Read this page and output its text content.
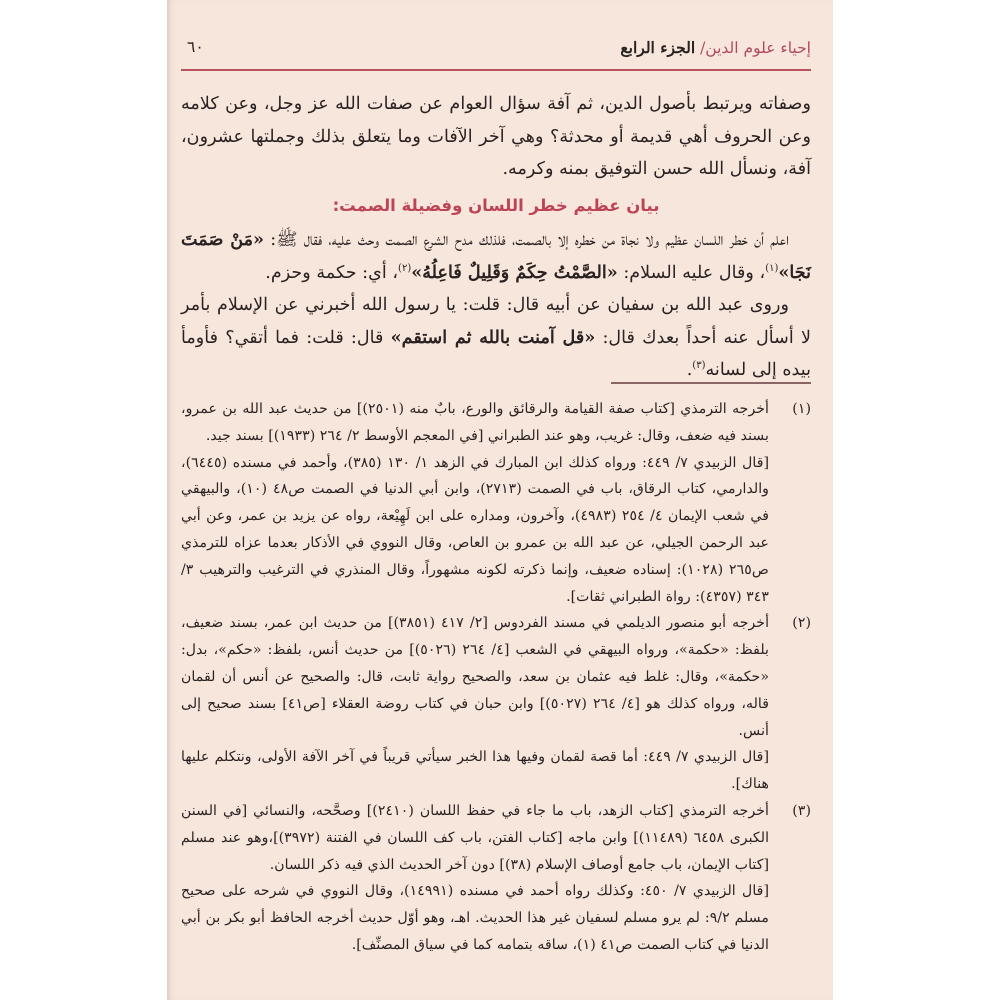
إحياء علوم الدين/ الجزء الرابع
٦٠

وصفاته ويرتبط بأصول الدين، ثم آفة سؤال العوام عن صفات الله عز وجل، وعن كلامه وعن الحروف أهي قديمة أو محدثة؟ وهي آخر الآفات وما يتعلق بذلك وجملتها عشرون، آفة، ونسأل الله حسن التوفيق بمنه وكرمه.

بيان عظيم خطر اللسان وفضيلة الصمت:

اعلم أن خطر اللسان عظيم ولا نجاة من خطره إلا بالصمت، فلذلك مدح الشرع الصمت وحث عليه، فقال ﷺ: «مَنْ صَمَتَ نَجَا»$^{(١)}$، وقال عليه السلام: «الصَّمْتُ حِكَمٌ وَقَلِيلٌ فَاعِلُهُ»$^{(٢)}$، أي: حكمة وحزم.

وروى عبد الله بن سفيان عن أبيه قال: قلت: يا رسول الله أخبرني عن الإسلام بأمر لا أسأل عنه أحداً بعدك قال: «قل آمنت بالله ثم استقم» قال: قلت: فما أتقي؟ فأومأ بيده إلى لسانه$^{(٣)}$.

(١)

أخرجه الترمذي [كتاب صفة القيامة والرقائق والورع، بابٌ منه (٢٥٠١)] من حديث عبد الله بن عمرو، بسند فيه ضعف، وقال: غريب، وهو عند الطبراني [في المعجم الأوسط ٢/ ٢٦٤ (١٩٣٣)] بسند جيد.

[قال الزبيدي ٧/ ٤٤٩: ورواه كذلك ابن المبارك في الزهد ١/ ١٣٠ (٣٨٥)، وأحمد في مسنده (٦٤٤٥)، والدارمي، كتاب الرقاق، باب في الصمت (٢٧١٣)، وابن أبي الدنيا في الصمت ص٤٨ (١٠)، والبيهقي في شعب الإيمان ٤/ ٢٥٤ (٤٩٨٣)، وآخرون، ومداره على ابن لَهِيْعة، رواه عن يزيد بن عمر، وعن أبي عبد الرحمن الجيلي، عن عبد الله بن عمرو بن العاص، وقال النووي في الأذكار بعدما عزاه للترمذي ص٢٦٥ (١٠٢٨): إسناده ضعيف، وإنما ذكرته لكونه مشهوراً، وقال المنذري في الترغيب والترهيب ٣/ ٣٤٣ (٤٣٥٧): رواة الطبراني ثقات].

(٢)

أخرجه أبو منصور الديلمي في مسند الفردوس [٢/ ٤١٧ (٣٨٥١)] من حديث ابن عمر، بسند ضعيف، بلفظ: «حكمة»، ورواه البيهقي في الشعب [٤/ ٢٦٤ (٥٠٢٦)] من حديث أنس، بلفظ: «حكم»، بدل: «حكمة»، وقال: غلط فيه عثمان بن سعد، والصحيح رواية ثابت، قال: والصحيح عن أنس أن لقمان قاله، ورواه كذلك هو [٤/ ٢٦٤ (٥٠٢٧)] وابن حبان في كتاب روضة العقلاء [ص٤١] بسند صحيح إلى أنس.

[قال الزبيدي ٧/ ٤٤٩: أما قصة لقمان وفيها هذا الخبر سيأتي قريباً في آخر الآفة الأولى، ونتكلم عليها هناك].

(٣)

أخرجه الترمذي [كتاب الزهد، باب ما جاء في حفظ اللسان (٢٤١٠)] وصحَّحه، والنسائي [في السنن الكبرى ٦٤٥٨ (١١٤٨٩)] وابن ماجه [كتاب الفتن، باب كف اللسان في الفتنة (٣٩٧٢)]،وهو عند مسلم [كتاب الإيمان، باب جامع أوصاف الإسلام (٣٨)] دون آخر الحديث الذي فيه ذكر اللسان.

[قال الزبيدي ٧/ ٤٥٠: وكذلك رواه أحمد في مسنده (١٤٩٩١)، وقال النووي في شرحه على صحيح مسلم ٩/٢: لم يرو مسلم لسفيان غير هذا الحديث. اهـ، وهو أوّل حديث أخرجه الحافظ أبو بكر بن أبي الدنيا في كتاب الصمت ص٤١ (١)، ساقه بتمامه كما في سياق المصنِّف].
